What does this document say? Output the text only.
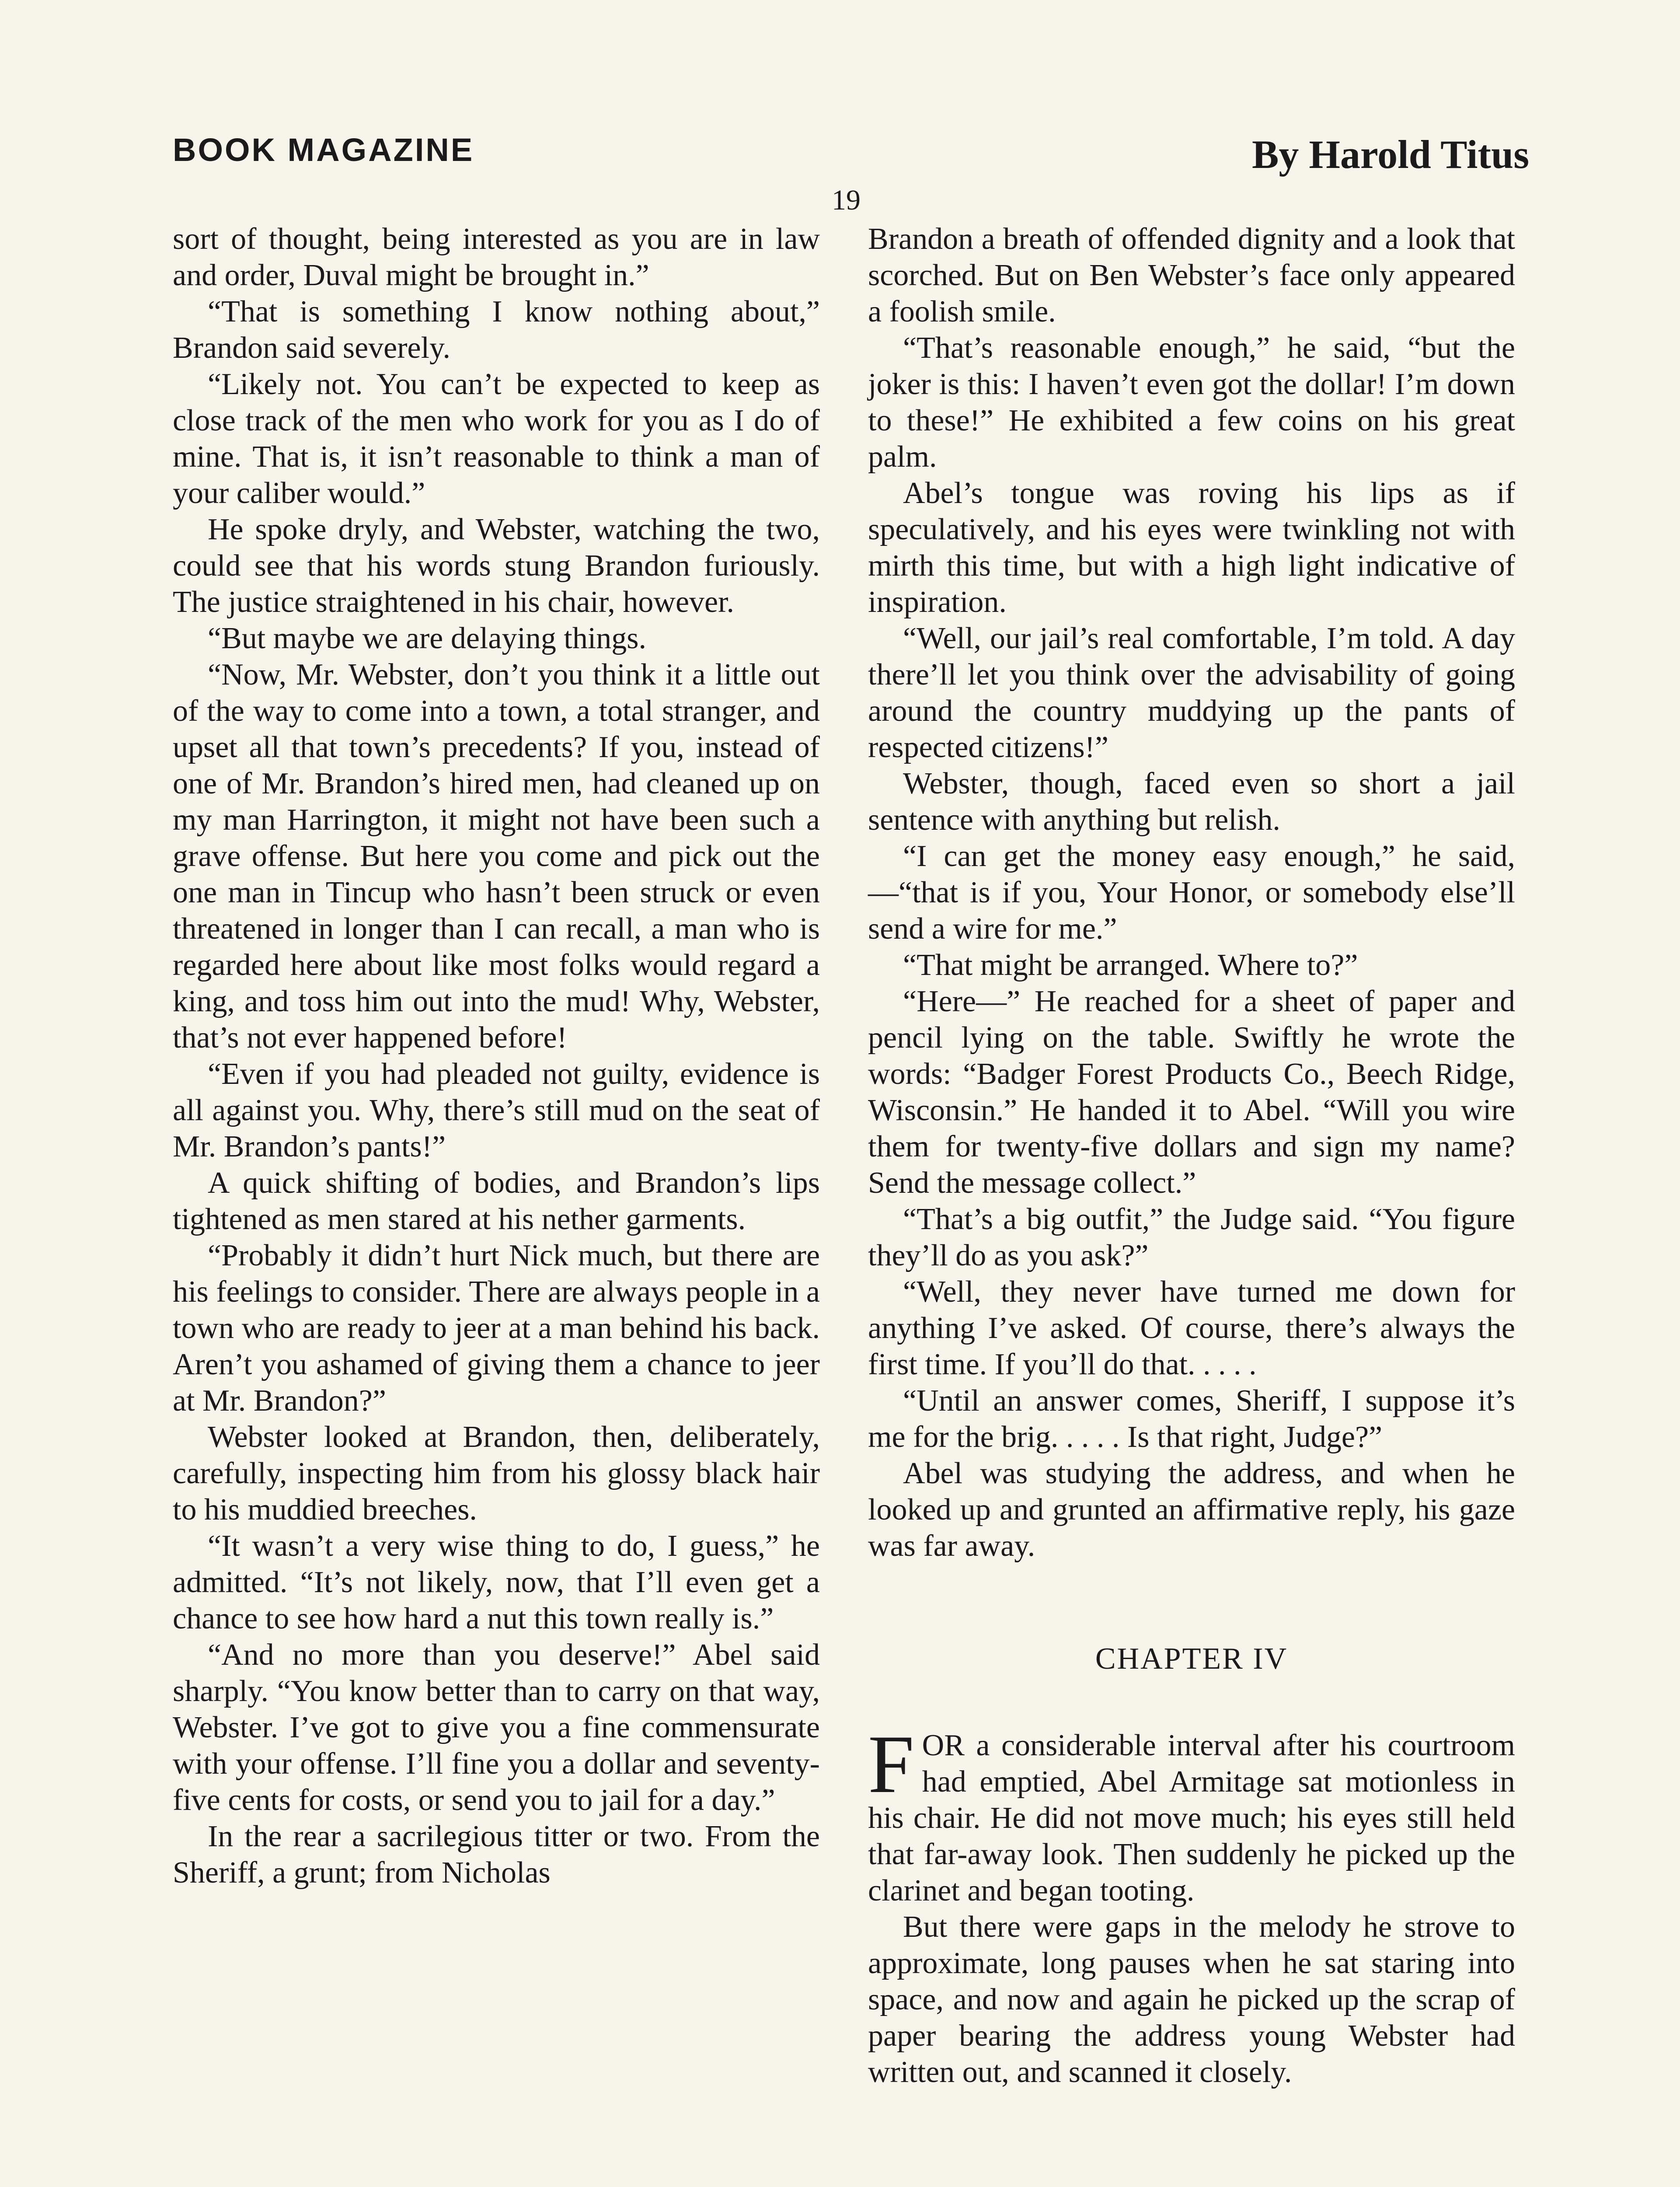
BOOK MAGAZINE	By Harold Titus
19

sort of thought, being interested as you are in law and order, Duval might be brought in.”

“That is something I know nothing about,” Brandon said severely.

“Likely not. You can’t be expected to keep as close track of the men who work for you as I do of mine. That is, it isn’t reasonable to think a man of your caliber would.”

He spoke dryly, and Webster, watching the two, could see that his words stung Brandon furiously. The justice straightened in his chair, however.

“But maybe we are delaying things.

“Now, Mr. Webster, don’t you think it a little out of the way to come into a town, a total stranger, and upset all that town’s precedents? If you, instead of one of Mr. Brandon’s hired men, had cleaned up on my man Harrington, it might not have been such a grave offense. But here you come and pick out the one man in Tincup who hasn’t been struck or even threatened in longer than I can recall, a man who is regarded here about like most folks would regard a king, and toss him out into the mud! Why, Webster, that’s not ever happened before!

“Even if you had pleaded not guilty, evidence is all against you. Why, there’s still mud on the seat of Mr. Brandon’s pants!”

A quick shifting of bodies, and Brandon’s lips tightened as men stared at his nether garments.

“Probably it didn’t hurt Nick much, but there are his feelings to consider. There are always people in a town who are ready to jeer at a man behind his back. Aren’t you ashamed of giving them a chance to jeer at Mr. Brandon?”

Webster looked at Brandon, then, deliberately, carefully, inspecting him from his glossy black hair to his muddied breeches.

“It wasn’t a very wise thing to do, I guess,” he admitted. “It’s not likely, now, that I’ll even get a chance to see how hard a nut this town really is.”

“And no more than you deserve!” Abel said sharply. “You know better than to carry on that way, Webster. I’ve got to give you a fine commensurate with your offense. I’ll fine you a dollar and seventy-five cents for costs, or send you to jail for a day.”

In the rear a sacrilegious titter or two. From the Sheriff, a grunt; from Nicholas

Brandon a breath of offended dignity and a look that scorched. But on Ben Webster’s face only appeared a foolish smile.

“That’s reasonable enough,” he said, “but the joker is this: I haven’t even got the dollar! I’m down to these!” He exhibited a few coins on his great palm.

Abel’s tongue was roving his lips as if speculatively, and his eyes were twinkling not with mirth this time, but with a high light indicative of inspiration.

“Well, our jail’s real comfortable, I’m told. A day there’ll let you think over the advisability of going around the country muddying up the pants of respected citizens!”

Webster, though, faced even so short a jail sentence with anything but relish.

“I can get the money easy enough,” he said,—“that is if you, Your Honor, or somebody else’ll send a wire for me.”

“That might be arranged. Where to?”

“Here—” He reached for a sheet of paper and pencil lying on the table. Swiftly he wrote the words: “Badger Forest Products Co., Beech Ridge, Wisconsin.” He handed it to Abel. “Will you wire them for twenty-five dollars and sign my name? Send the message collect.”

“That’s a big outfit,” the Judge said. “You figure they’ll do as you ask?”

“Well, they never have turned me down for anything I’ve asked. Of course, there’s always the first time. If you’ll do that. . . . .

“Until an answer comes, Sheriff, I suppose it’s me for the brig. . . . . Is that right, Judge?”

Abel was studying the address, and when he looked up and grunted an affirmative reply, his gaze was far away.

CHAPTER IV

FOR a considerable interval after his courtroom had emptied, Abel Armitage sat motionless in his chair. He did not move much; his eyes still held that far-away look. Then suddenly he picked up the clarinet and began tooting.

But there were gaps in the melody he strove to approximate, long pauses when he sat staring into space, and now and again he picked up the scrap of paper bearing the address young Webster had written out, and scanned it closely.
